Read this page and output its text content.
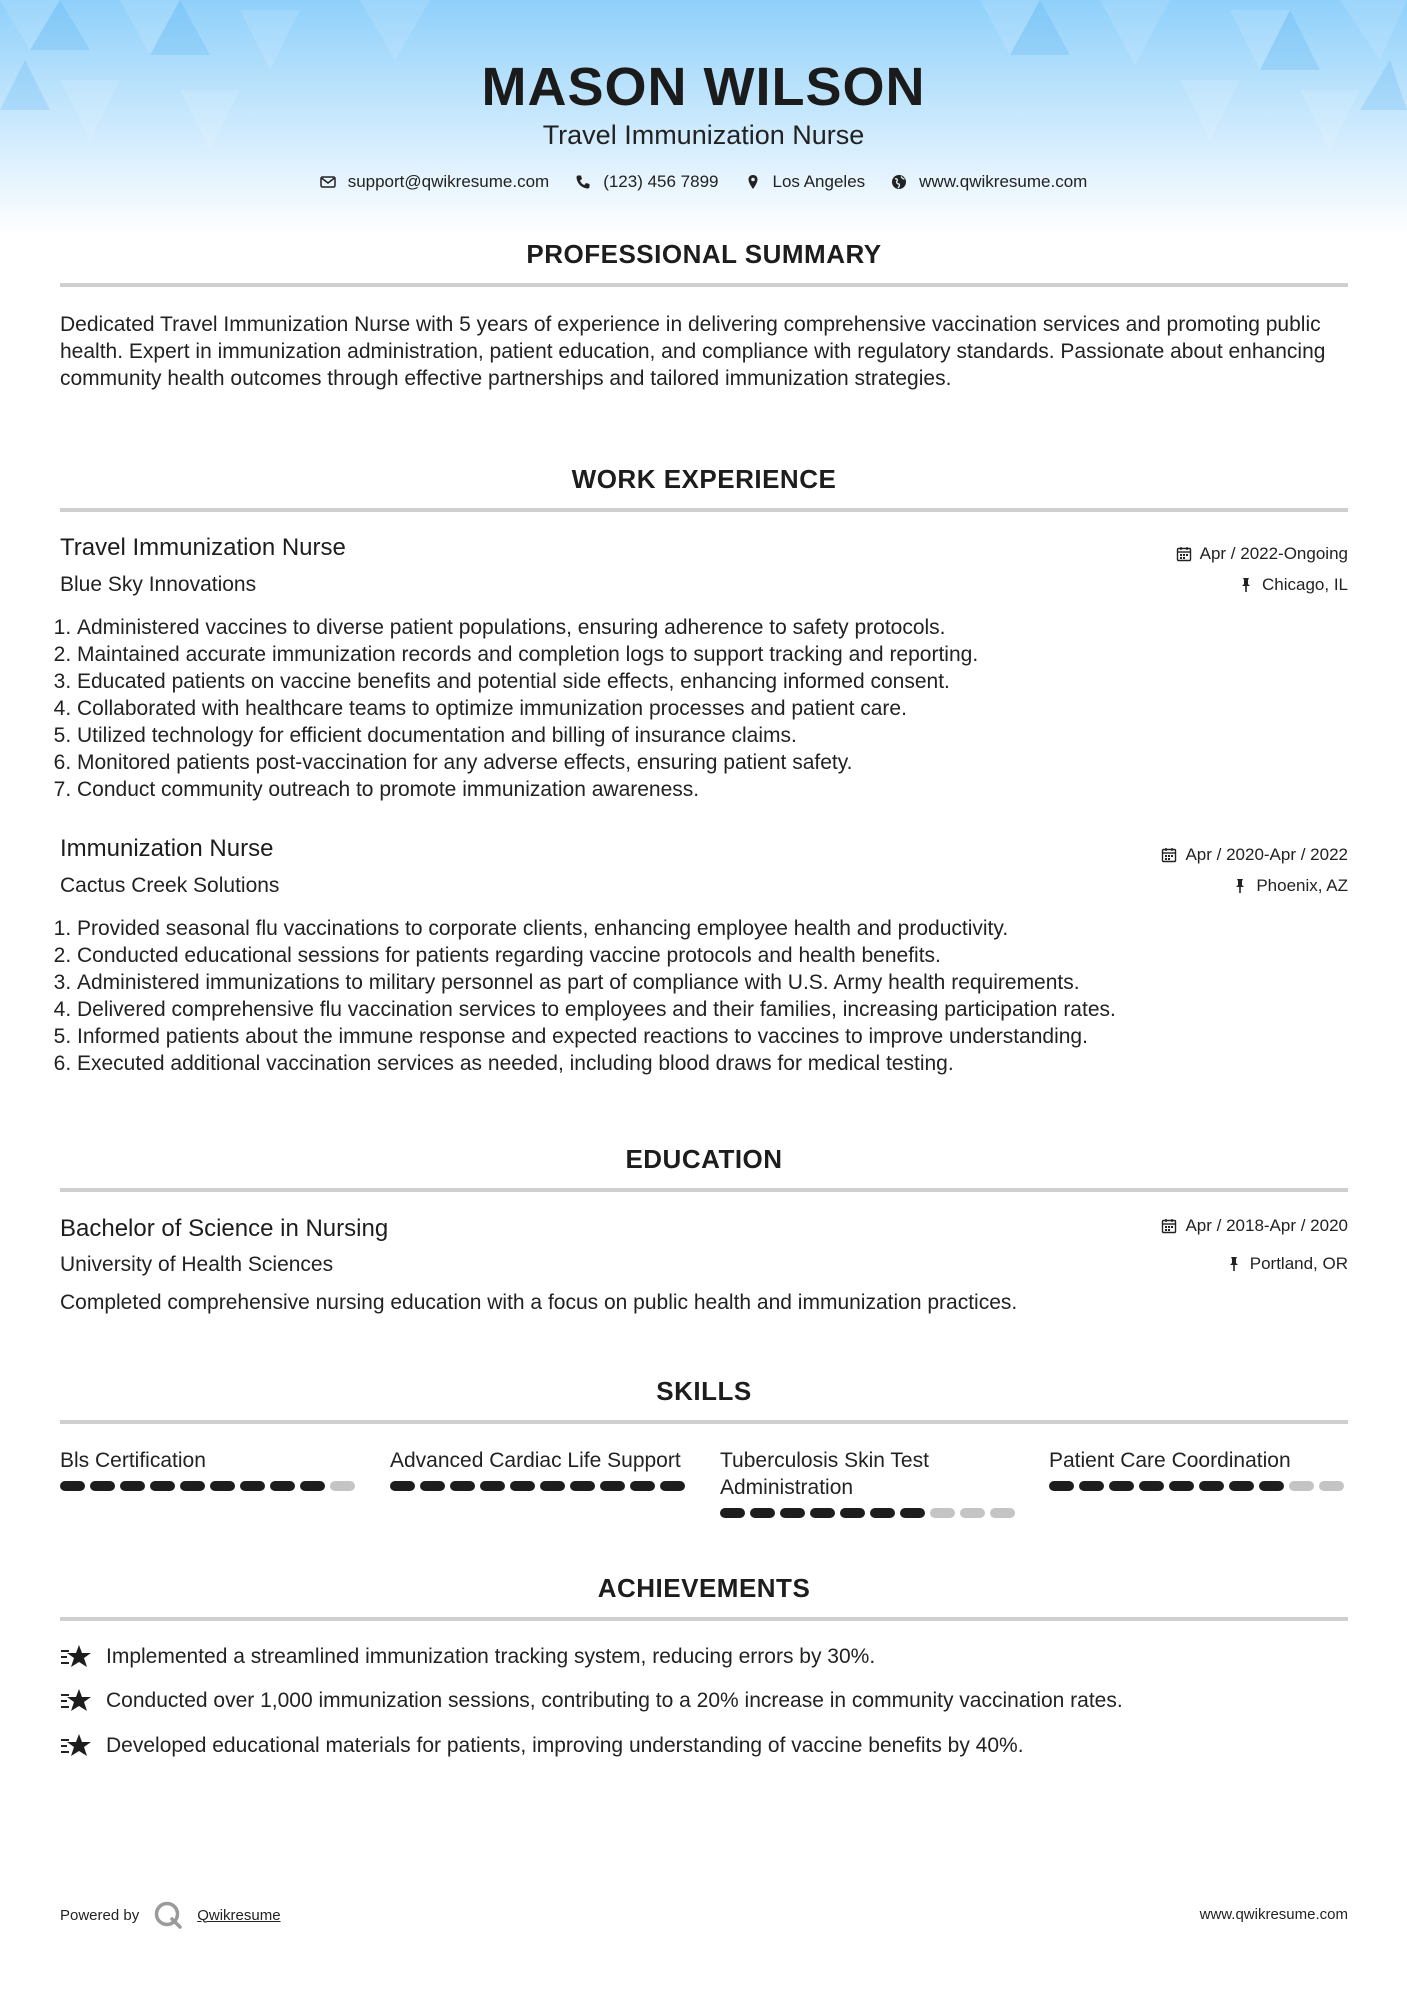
MASON WILSON
Travel Immunization Nurse
support@qwikresume.com	(123) 456 7899	Los Angeles	www.qwikresume.com
PROFESSIONAL SUMMARY
Dedicated Travel Immunization Nurse with 5 years of experience in delivering comprehensive vaccination services and promoting public health. Expert in immunization administration, patient education, and compliance with regulatory standards. Passionate about enhancing community health outcomes through effective partnerships and tailored immunization strategies.
WORK EXPERIENCE
Travel Immunization Nurse
Blue Sky Innovations
Apr / 2022-Ongoing
Chicago, IL
1. Administered vaccines to diverse patient populations, ensuring adherence to safety protocols.
2. Maintained accurate immunization records and completion logs to support tracking and reporting.
3. Educated patients on vaccine benefits and potential side effects, enhancing informed consent.
4. Collaborated with healthcare teams to optimize immunization processes and patient care.
5. Utilized technology for efficient documentation and billing of insurance claims.
6. Monitored patients post-vaccination for any adverse effects, ensuring patient safety.
7. Conduct community outreach to promote immunization awareness.
Immunization Nurse
Cactus Creek Solutions
Apr / 2020-Apr / 2022
Phoenix, AZ
1. Provided seasonal flu vaccinations to corporate clients, enhancing employee health and productivity.
2. Conducted educational sessions for patients regarding vaccine protocols and health benefits.
3. Administered immunizations to military personnel as part of compliance with U.S. Army health requirements.
4. Delivered comprehensive flu vaccination services to employees and their families, increasing participation rates.
5. Informed patients about the immune response and expected reactions to vaccines to improve understanding.
6. Executed additional vaccination services as needed, including blood draws for medical testing.
EDUCATION
Bachelor of Science in Nursing
University of Health Sciences
Apr / 2018-Apr / 2020
Portland, OR
Completed comprehensive nursing education with a focus on public health and immunization practices.
SKILLS
Bls Certification	Advanced Cardiac Life Support	Tuberculosis Skin Test Administration
Patient Care Coordination
ACHIEVEMENTS
Implemented a streamlined immunization tracking system, reducing errors by 30%.
Conducted over 1,000 immunization sessions, contributing to a 20% increase in community vaccination rates.
Developed educational materials for patients, improving understanding of vaccine benefits by 40%.
Powered by	Qwikresume	www.qwikresume.com
